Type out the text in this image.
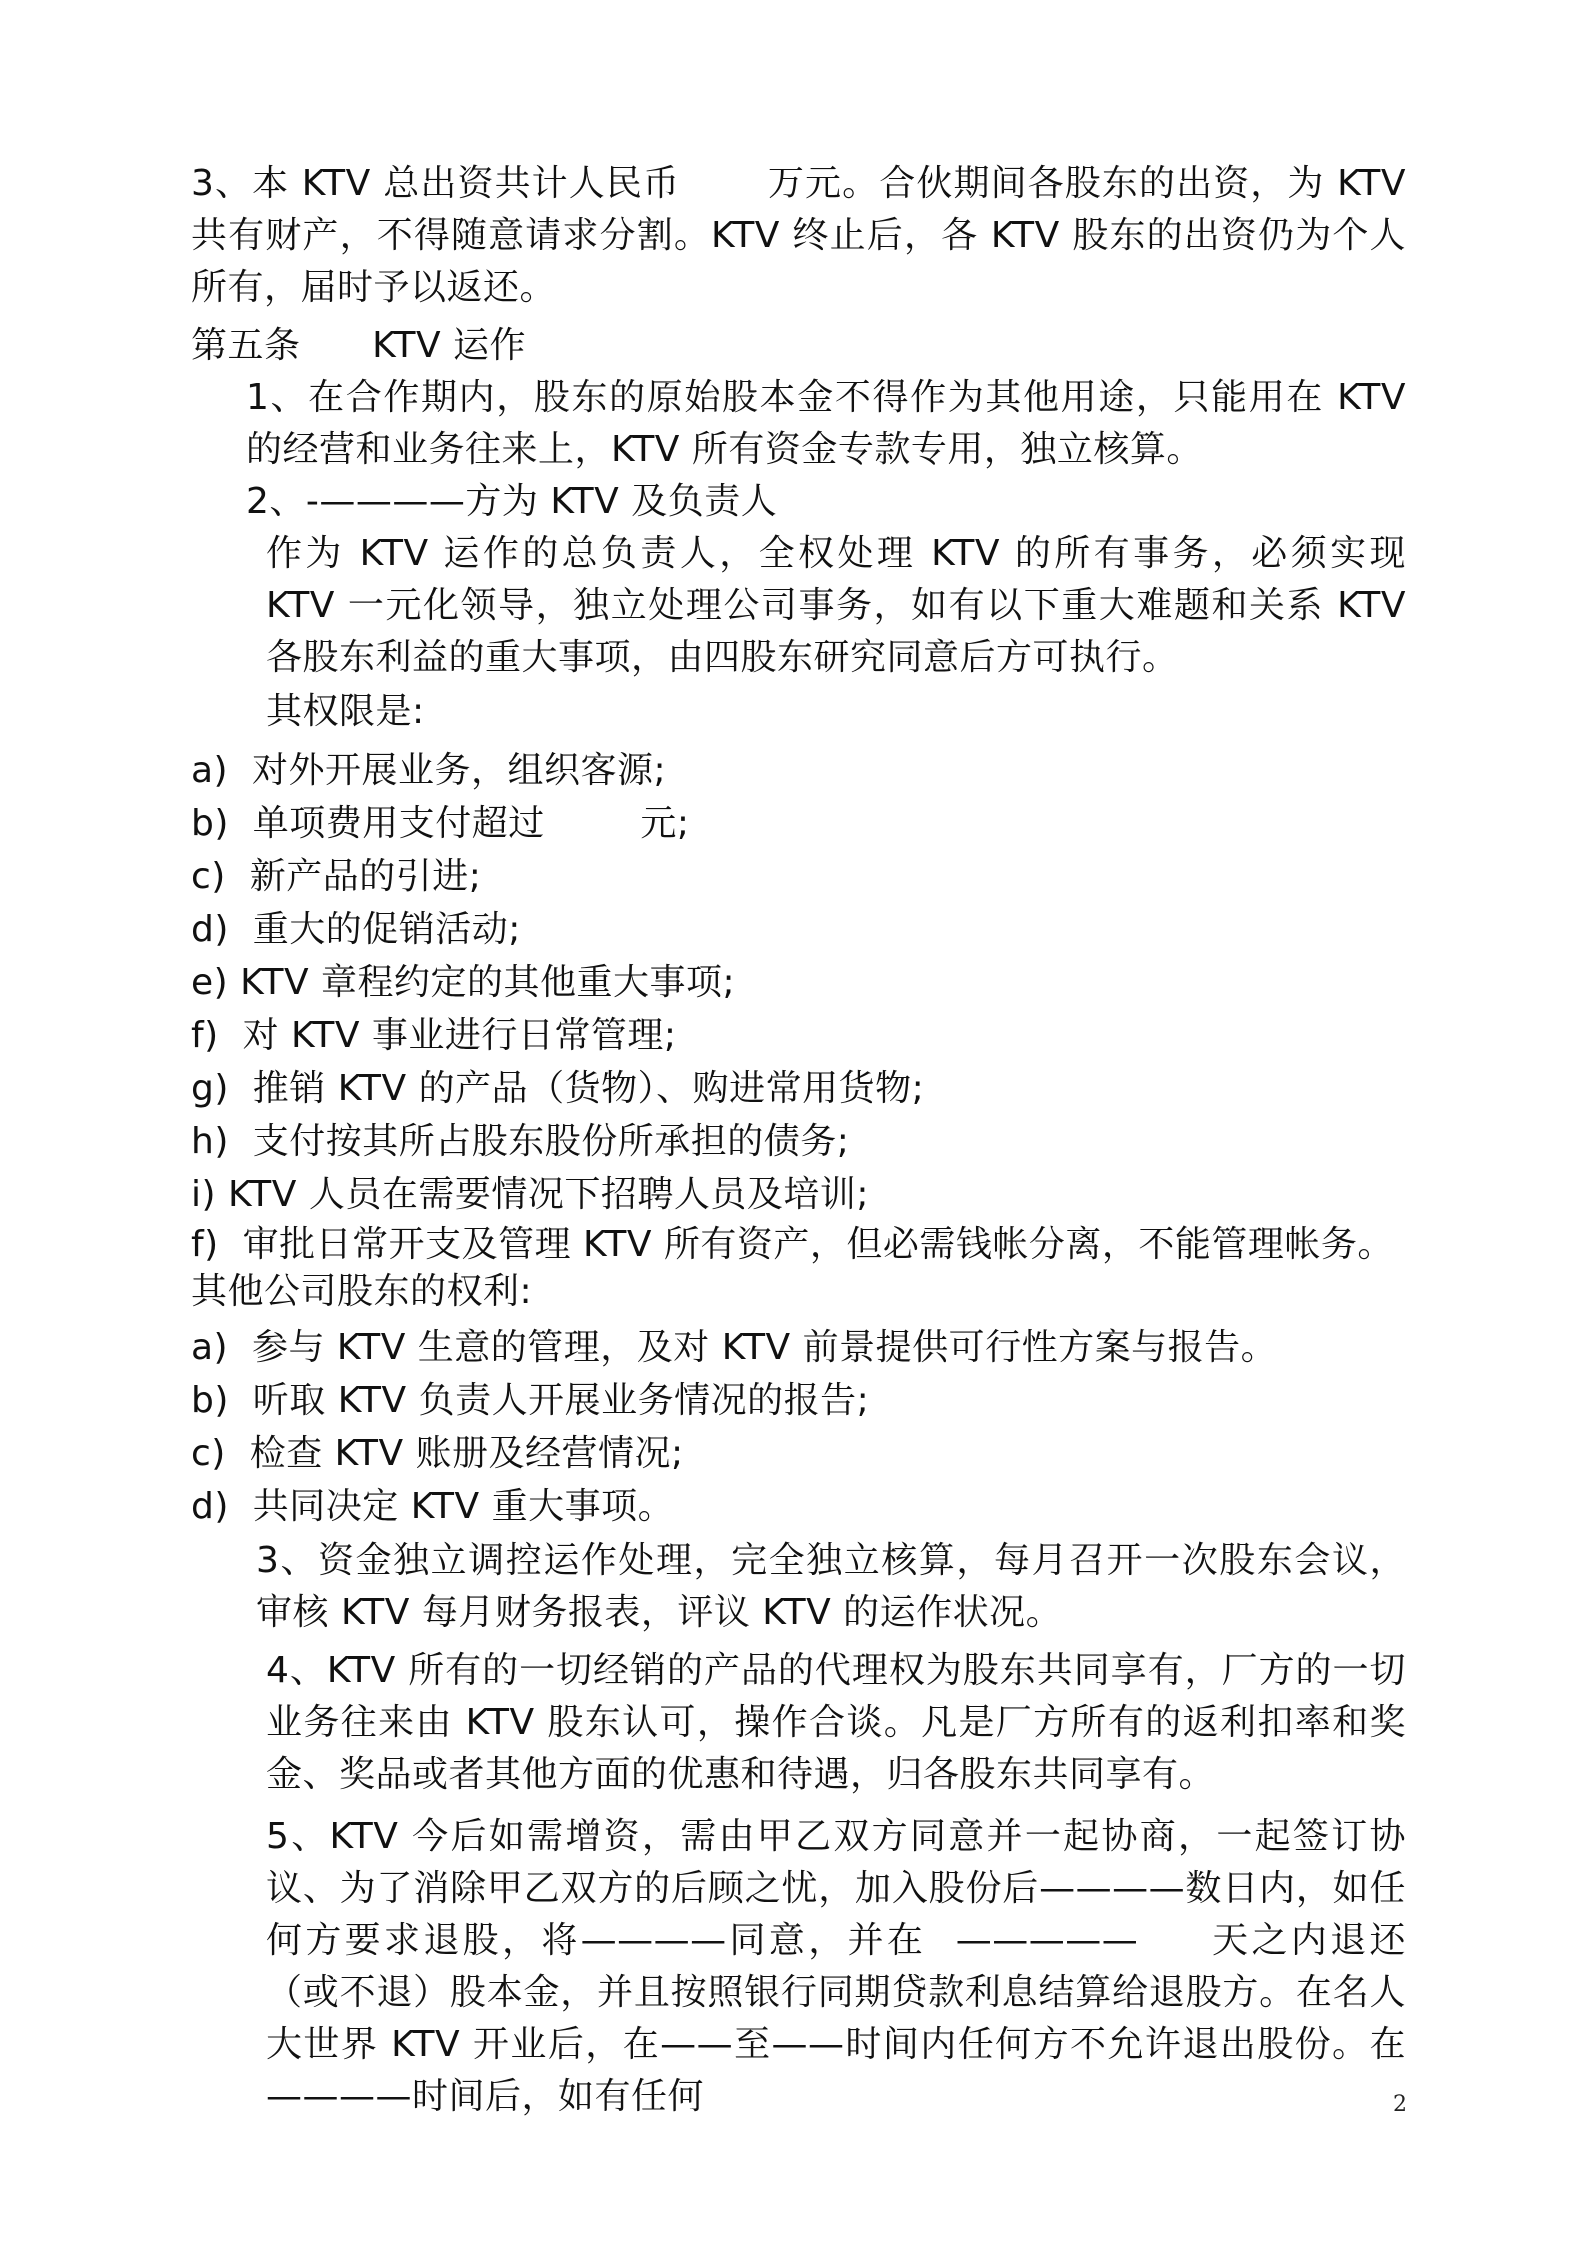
3、本 KTV 总出资共计人民币       万元。合伙期间各股东的出资，为 KTV 共有财产，不得随意请求分割。KTV 终止后，各 KTV 股东的出资仍为个人所有，届时予以返还。

第五条      KTV 运作

1、在合作期内，股东的原始股本金不得作为其他用途，只能用在 KTV 的经营和业务往来上，KTV 所有资金专款专用，独立核算。

2、-————方为 KTV 及负责人

作为 KTV 运作的总负责人，全权处理 KTV 的所有事务，必须实现 KTV 一元化领导，独立处理公司事务，如有以下重大难题和关系 KTV 各股东利益的重大事项，由四股东研究同意后方可执行。

其权限是:

a)  对外开展业务，组织客源;

b)  单项费用支付超过        元;

c)  新产品的引进;

d)  重大的促销活动;

e) KTV 章程约定的其他重大事项;

f)  对 KTV 事业进行日常管理;

g)  推销 KTV 的产品（货物）、购进常用货物;

h)  支付按其所占股东股份所承担的债务;

i) KTV 人员在需要情况下招聘人员及培训;

f)  审批日常开支及管理 KTV 所有资产，但必需钱帐分离，不能管理帐务。

其他公司股东的权利:

a)  参与 KTV 生意的管理，及对 KTV 前景提供可行性方案与报告。

b)  听取 KTV 负责人开展业务情况的报告;

c)  检查 KTV 账册及经营情况;

d)  共同决定 KTV 重大事项。

3、资金独立调控运作处理，完全独立核算，每月召开一次股东会议，审核 KTV 每月财务报表，评议 KTV 的运作状况。

4、KTV 所有的一切经销的产品的代理权为股东共同享有，厂方的一切业务往来由 KTV 股东认可，操作合谈。凡是厂方所有的返利扣率和奖金、奖品或者其他方面的优惠和待遇，归各股东共同享有。

5、KTV 今后如需增资，需由甲乙双方同意并一起协商，一起签订协议、为了消除甲乙双方的后顾之忧，加入股份后————数日内，如任何方要求退股，将————同意，并在  —————     天之内退还（或不退）股本金，并且按照银行同期贷款利息结算给退股方。在名人大世界 KTV 开业后，在——至——时间内任何方不允许退出股份。在————时间后，如有任何	2
